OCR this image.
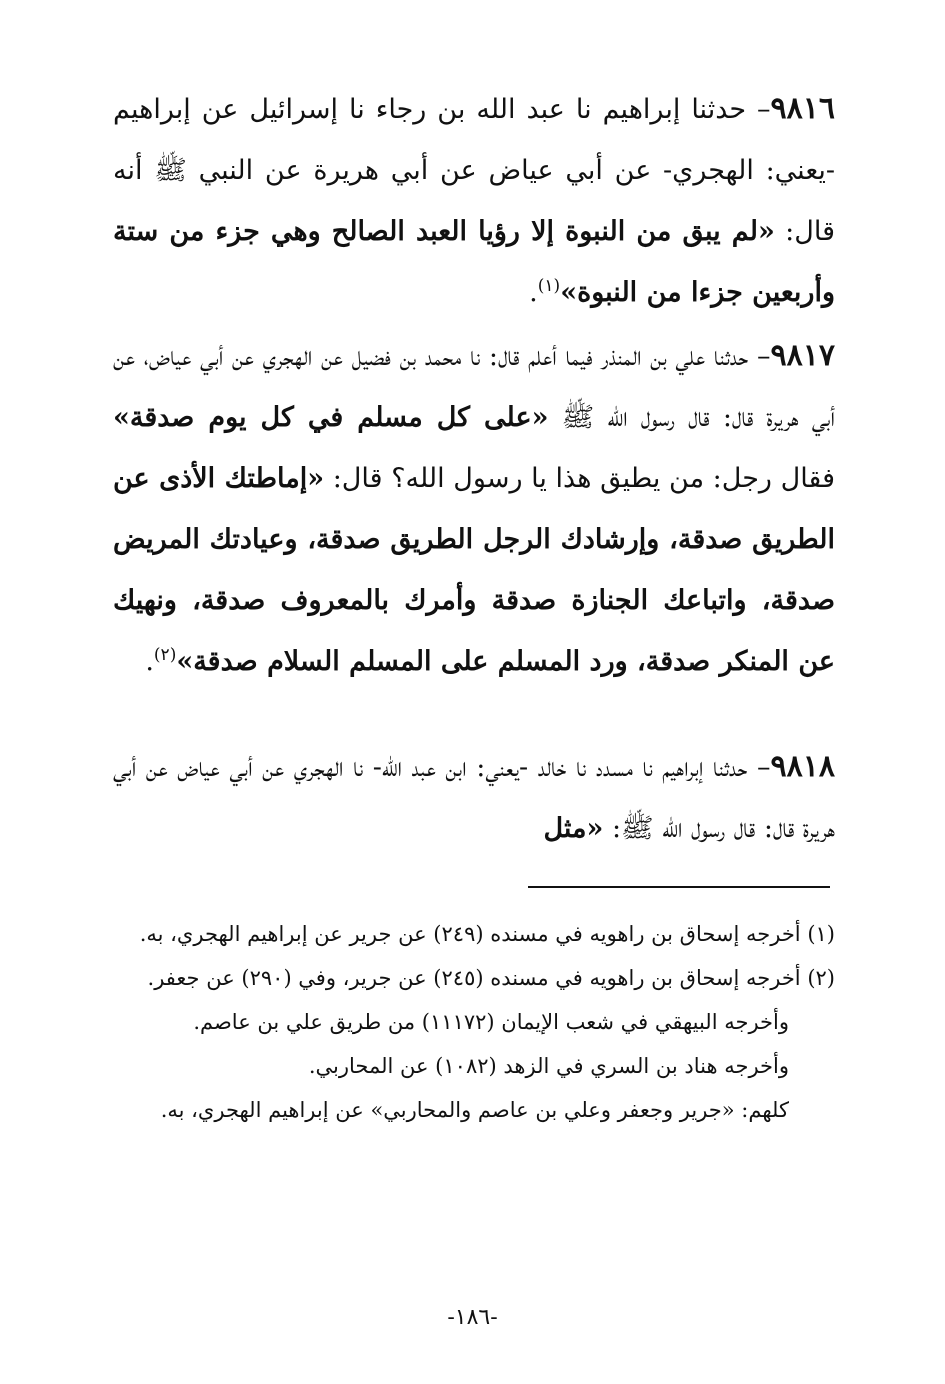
٩٨١٦– حدثنا إبراهيم نا عبد الله بن رجاء نا إسرائيل عن إبراهيم -يعني: الهجري- عن أبي عياض عن أبي هريرة عن النبي ﷺ أنه قال: «لم يبق من النبوة إلا رؤيا العبد الصالح وهي جزء من ستة وأربعين جزءا من النبوة»$^{(١)}$.

٩٨١٧– حدثنا علي بن المنذر فيما أعلم قال: نا محمد بن فضيل عن الهجري عن أبي عياض، عن أبي هريرة قال: قال رسول الله ﷺ «على كل مسلم في كل يوم صدقة» فقال رجل: من يطيق هذا يا رسول الله؟ قال: «إماطتك الأذى عن الطريق صدقة، وإرشادك الرجل الطريق صدقة، وعيادتك المريض صدقة، واتباعك الجنازة صدقة وأمرك بالمعروف صدقة، ونهيك عن المنكر صدقة، ورد المسلم على المسلم السلام صدقة»$^{(٢)}$.

٩٨١٨– حدثنا إبراهيم نا مسدد نا خالد -يعني: ابن عبد الله- نا الهجري عن أبي عياض عن أبي هريرة قال: قال رسول الله ﷺ: «مثل

(١) أخرجه إسحاق بن راهويه في مسنده (٢٤٩) عن جرير عن إبراهيم الهجري، به.

(٢) أخرجه إسحاق بن راهويه في مسنده (٢٤٥) عن جرير، وفي (٢٩٠) عن جعفر.

وأخرجه البيهقي في شعب الإيمان (١١١٧٢) من طريق علي بن عاصم.

وأخرجه هناد بن السري في الزهد (١٠٨٢) عن المحاربي.

كلهم: «جرير وجعفر وعلي بن عاصم والمحاربي» عن إبراهيم الهجري، به.

-١٨٦-
